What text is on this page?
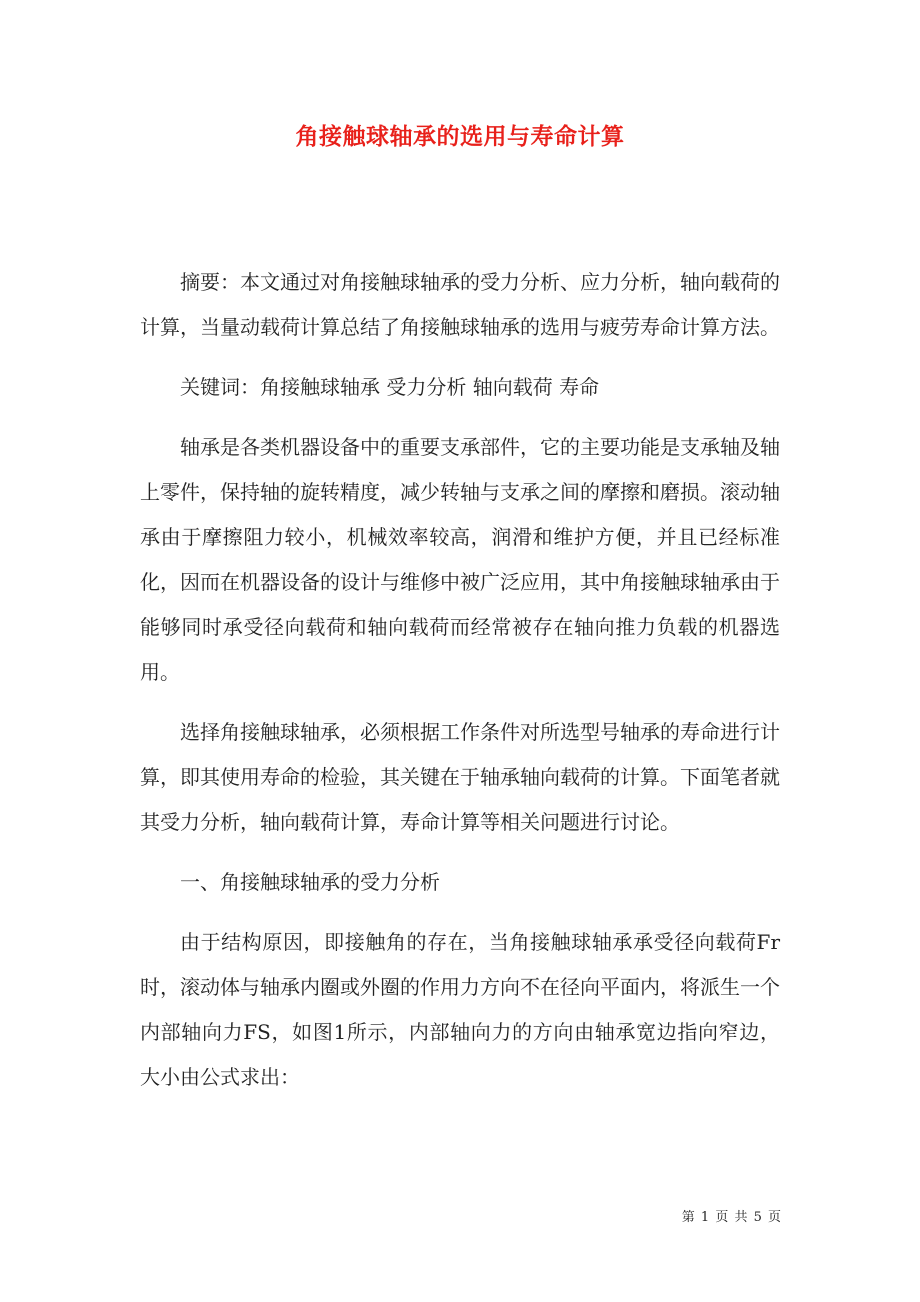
角接触球轴承的选用与寿命计算

摘要：本文通过对角接触球轴承的受力分析、应力分析，轴向载荷的计算，当量动载荷计算总结了角接触球轴承的选用与疲劳寿命计算方法。

关键词：角接触球轴承 受力分析 轴向载荷 寿命

轴承是各类机器设备中的重要支承部件，它的主要功能是支承轴及轴上零件，保持轴的旋转精度，减少转轴与支承之间的摩擦和磨损。滚动轴承由于摩擦阻力较小，机械效率较高，润滑和维护方便，并且已经标准化，因而在机器设备的设计与维修中被广泛应用，其中角接触球轴承由于能够同时承受径向载荷和轴向载荷而经常被存在轴向推力负载的机器选用。

选择角接触球轴承，必须根据工作条件对所选型号轴承的寿命进行计算，即其使用寿命的检验，其关键在于轴承轴向载荷的计算。下面笔者就其受力分析，轴向载荷计算，寿命计算等相关问题进行讨论。

一、角接触球轴承的受力分析

由于结构原因，即接触角的存在，当角接触球轴承承受径向载荷Fr时，滚动体与轴承内圈或外圈的作用力方向不在径向平面内，将派生一个内部轴向力FS，如图1所示，内部轴向力的方向由轴承宽边指向窄边，大小由公式求出：

第 1 页 共 5 页
